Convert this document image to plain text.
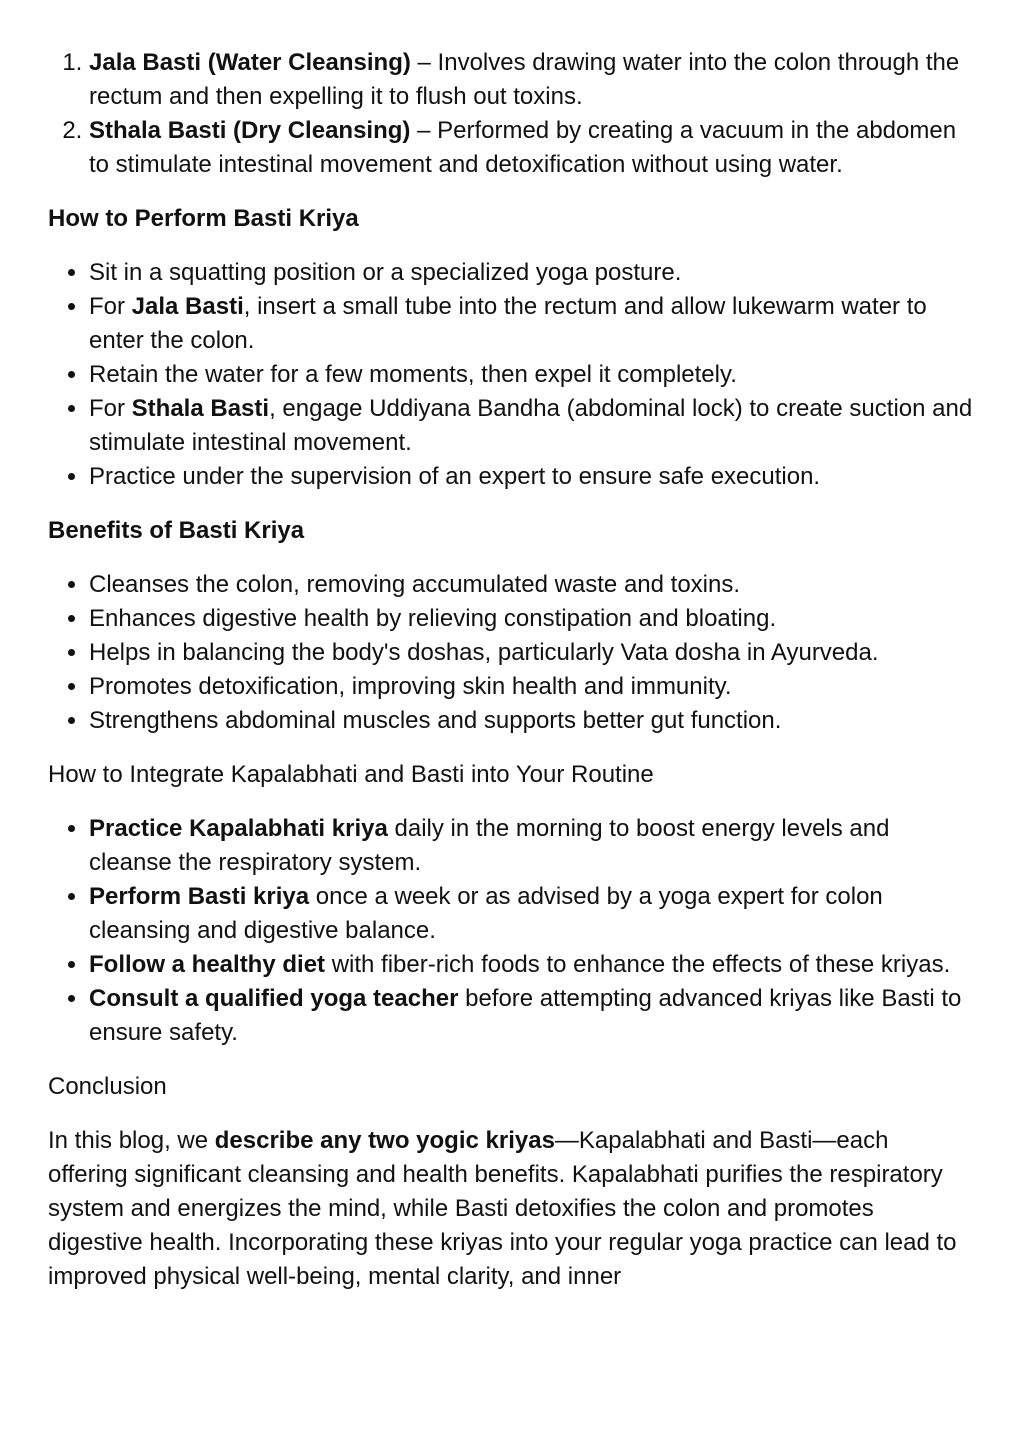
1. Jala Basti (Water Cleansing) – Involves drawing water into the colon through the rectum and then expelling it to flush out toxins.
2. Sthala Basti (Dry Cleansing) – Performed by creating a vacuum in the abdomen to stimulate intestinal movement and detoxification without using water.
How to Perform Basti Kriya
• Sit in a squatting position or a specialized yoga posture.
• For Jala Basti, insert a small tube into the rectum and allow lukewarm water to enter the colon.
• Retain the water for a few moments, then expel it completely.
• For Sthala Basti, engage Uddiyana Bandha (abdominal lock) to create suction and stimulate intestinal movement.
• Practice under the supervision of an expert to ensure safe execution.
Benefits of Basti Kriya
• Cleanses the colon, removing accumulated waste and toxins.
• Enhances digestive health by relieving constipation and bloating.
• Helps in balancing the body's doshas, particularly Vata dosha in Ayurveda.
• Promotes detoxification, improving skin health and immunity.
• Strengthens abdominal muscles and supports better gut function.
How to Integrate Kapalabhati and Basti into Your Routine
• Practice Kapalabhati kriya daily in the morning to boost energy levels and cleanse the respiratory system.
• Perform Basti kriya once a week or as advised by a yoga expert for colon cleansing and digestive balance.
• Follow a healthy diet with fiber-rich foods to enhance the effects of these kriyas.
• Consult a qualified yoga teacher before attempting advanced kriyas like Basti to ensure safety.
Conclusion

In this blog, we describe any two yogic kriyas—Kapalabhati and Basti—each offering significant cleansing and health benefits. Kapalabhati purifies the respiratory system and energizes the mind, while Basti detoxifies the colon and promotes digestive health. Incorporating these kriyas into your regular yoga practice can lead to improved physical well-being, mental clarity, and inner
